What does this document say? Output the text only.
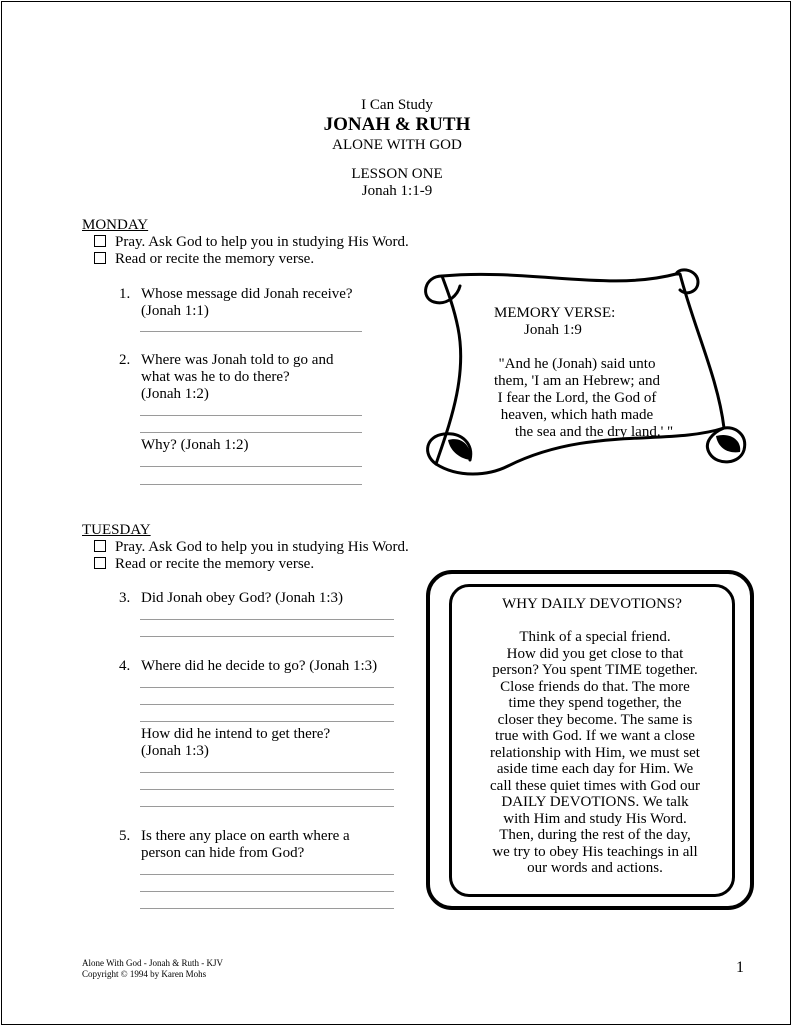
I Can Study
JONAH & RUTH
ALONE WITH GOD
LESSON ONE
Jonah 1:1-9
MONDAY
Pray. Ask God to help you in studying His Word.
Read or recite the memory verse.
1. Whose message did Jonah receive?
(Jonah 1:1)
2. Where was Jonah told to go and
what was he to do there?
(Jonah 1:2)
Why? (Jonah 1:2)
MEMORY VERSE:
Jonah 1:9
"And he (Jonah) said unto
them, 'I am an Hebrew; and
I fear the Lord, the God of
heaven, which hath made
the sea and the dry land.' "
TUESDAY
Pray. Ask God to help you in studying His Word.
Read or recite the memory verse.
3. Did Jonah obey God? (Jonah 1:3)
4. Where did he decide to go? (Jonah 1:3)
How did he intend to get there?
(Jonah 1:3)
5. Is there any place on earth where a
person can hide from God?
WHY DAILY DEVOTIONS?
Think of a special friend.
How did you get close to that
person? You spent TIME together.
Close friends do that. The more
time they spend together, the
closer they become. The same is
true with God. If we want a close
relationship with Him, we must set
aside time each day for Him. We
call these quiet times with God our
DAILY DEVOTIONS. We talk
with Him and study His Word.
Then, during the rest of the day,
we try to obey His teachings in all
our words and actions.
Alone With God - Jonah & Ruth - KJV
Copyright © 1994 by Karen Mohs	1
